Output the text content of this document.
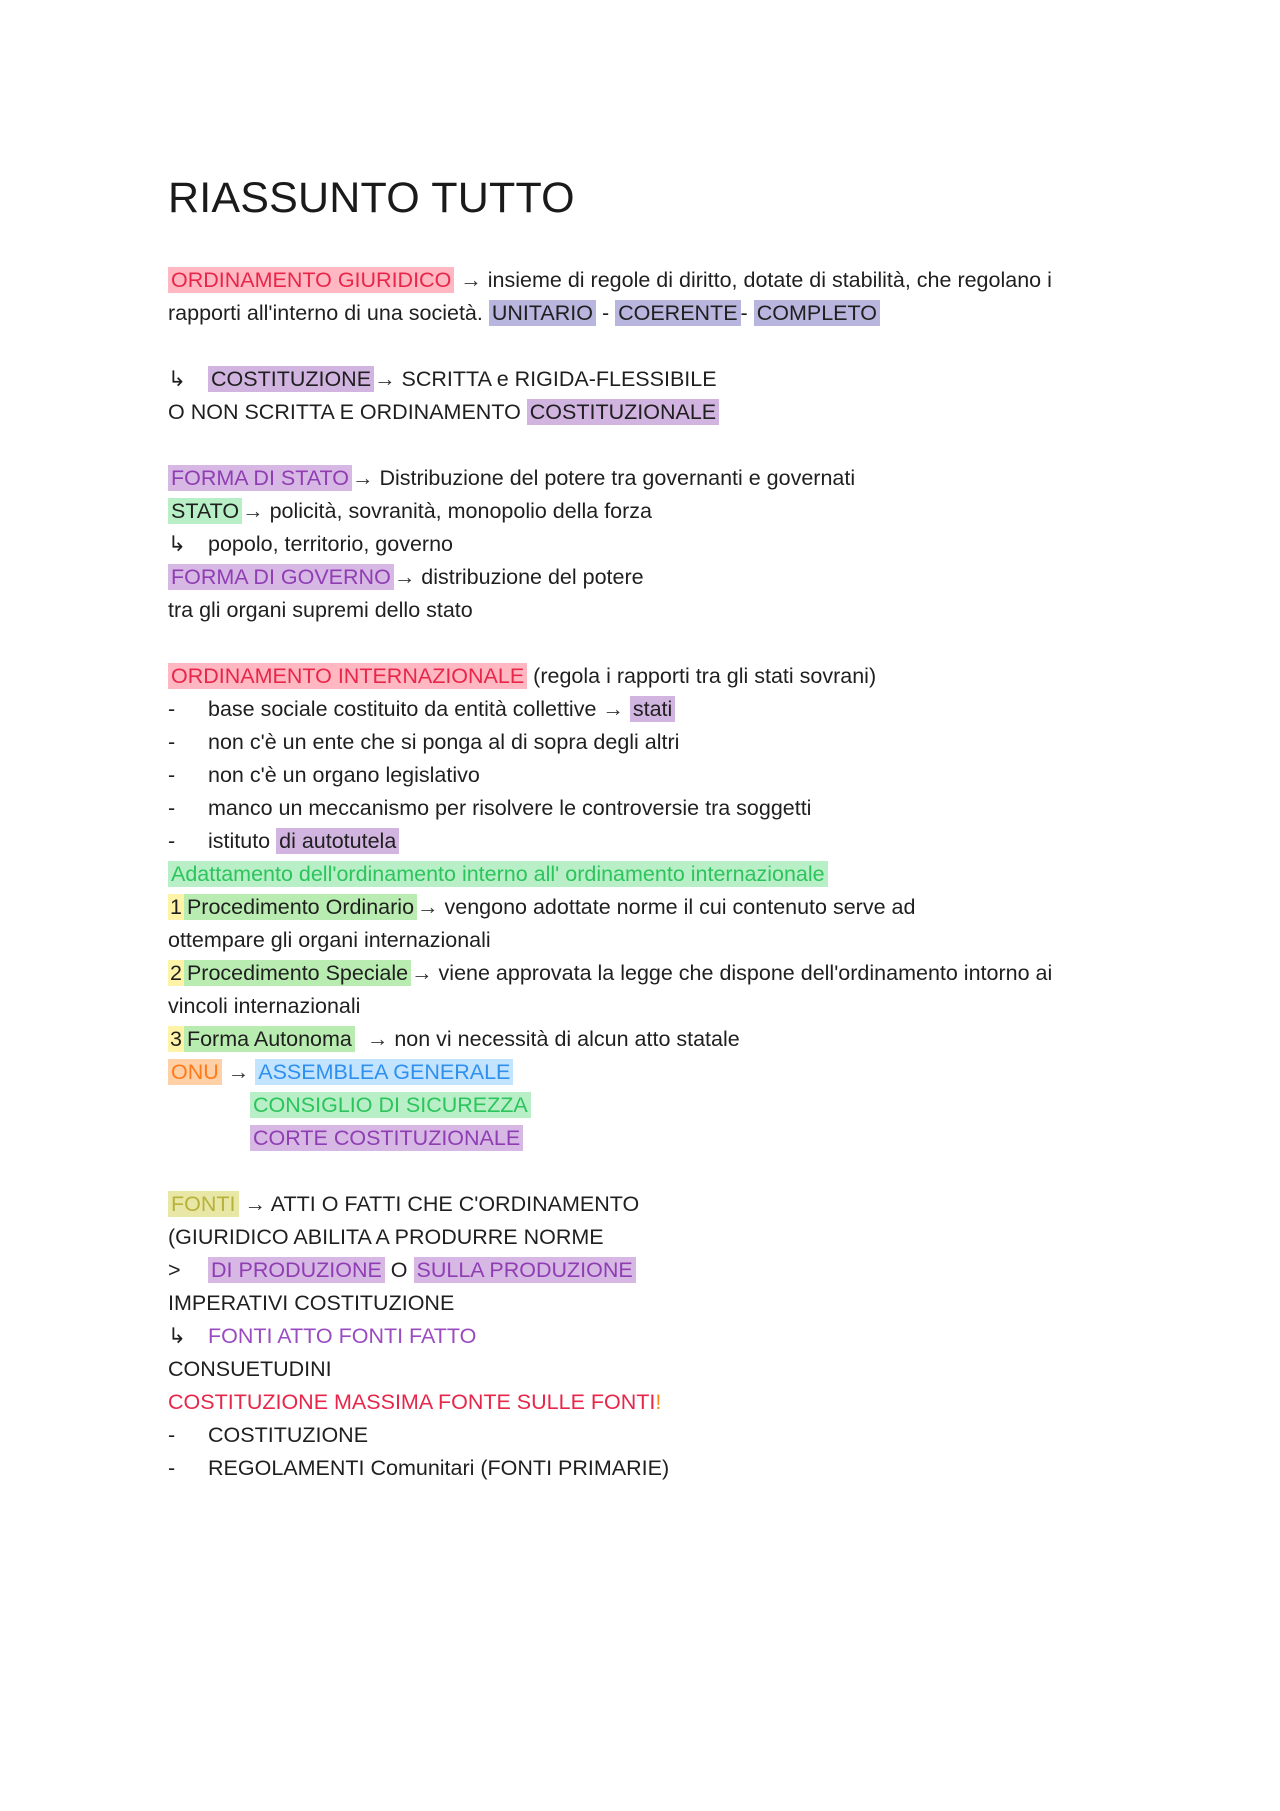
RIASSUNTO TUTTO
ORDINAMENTO GIURIDICO → insieme di regole di diritto, dotate di stabilità, che regolano i
rapporti all'interno di una società. UNITARIO - COERENTE - COMPLETO
↳ COSTITUZIONE → SCRITTA e RIGIDA-FLESSIBILE
O NON SCRITTA E ORDINAMENTO COSTITUZIONALE
FORMA DI STATO → Distribuzione del potere tra governanti e governati
STATO → policità, sovranità, monopolio della forza
↳ popolo, territorio, governo
FORMA DI GOVERNO → distribuzione del potere
tra gli organi supremi dello stato
ORDINAMENTO INTERNAZIONALE (regola i rapporti tra gli stati sovrani)
- base sociale costituito da entità collettive → stati
- non c'è un ente che si ponga al di sopra degli altri
- non c'è un organo legislativo
- manco un meccanismo per risolvere le controversie tra soggetti
- istituto di autotutela
Adattamento dell'ordinamento interno all' ordinamento internazionale
1 Procedimento Ordinario → vengono adottate norme il cui contenuto serve ad
ottempare gli organi internazionali
2 Procedimento Speciale → viene approvata la legge che dispone dell'ordinamento intorno ai
vincoli internazionali
3 Forma Autonoma → non vi necessità di alcun atto statale
ONU → ASSEMBLEA GENERALE
CONSIGLIO DI SICUREZZA
CORTE COSTITUZIONALE
FONTI → ATTI O FATTI CHE C'ORDINAMENTO
(GIURIDICO ABILITA A PRODURRE NORME
> DI PRODUZIONE O SULLA PRODUZIONE
IMPERATIVI COSTITUZIONE
↳ FONTI ATTO FONTI FATTO
CONSUETUDINI
COSTITUZIONE MASSIMA FONTE SULLE FONTI!
- COSTITUZIONE
- REGOLAMENTI Comunitari (FONTI PRIMARIE)
